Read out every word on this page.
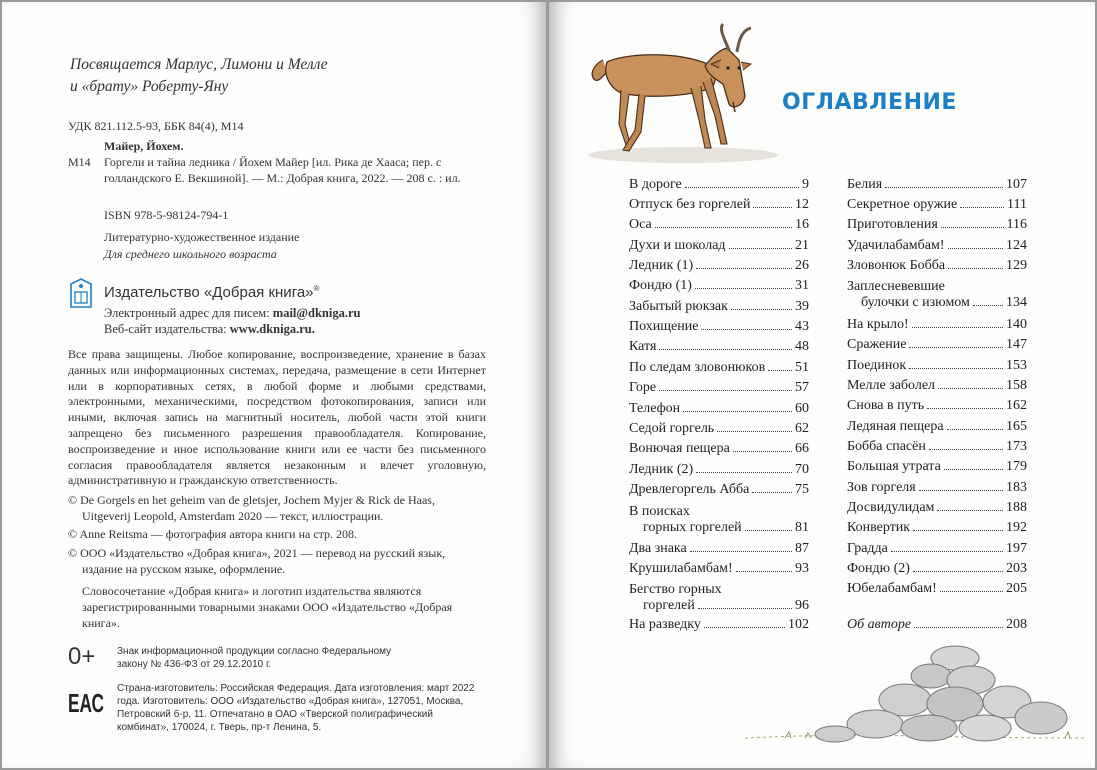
Посвящается Марлус, Лимони и Мелле
и «брату» Роберту-Яну
УДК 821.112.5-93, ББК 84(4), М14
Майер, Йохем.
М14 Горгели и тайна ледника / Йохем Майер [ил. Рика де Хааса; пер. с голландского Е. Векшиной]. — М.: Добрая книга, 2022. — 208 с. : ил.
ISBN 978-5-98124-794-1
Литературно-художественное издание
Для среднего школьного возраста
Издательство «Добрая книга»®
Электронный адрес для писем: mail@dkniga.ru
Веб-сайт издательства: www.dkniga.ru.
Все права защищены. Любое копирование, воспроизведение, хранение в базах данных или информационных системах, передача, размещение в сети Интернет или в корпоративных сетях, в любой форме и любыми средствами, электронными, механическими, посредством фотокопирования, записи или иными, включая запись на магнитный носитель, любой части этой книги запрещено без письменного разрешения правообладателя. Копирование, воспроизведение и иное использование книги или ее части без письменного согласия правообладателя является незаконным и влечет уголовную, административную и гражданскую ответственность.
© De Gorgels en het geheim van de gletsjer, Jochem Myjer & Rick de Haas,
Uitgeverij Leopold, Amsterdam 2020 — текст, иллюстрации.
© Anne Reitsma — фотография автора книги на стр. 208.
© ООО «Издательство «Добрая книга», 2021 — перевод на русский язык,
издание на русском языке, оформление.
Словосочетание «Добрая книга» и логотип издательства являются зарегистрированными товарными знаками ООО «Издательство «Добрая книга».
0+ Знак информационной продукции согласно Федеральному закону № 436-ФЗ от 29.12.2010 г.
ЕАС Страна-изготовитель: Российская Федерация. Дата изготовления: март 2022 года. Изготовитель: ООО «Издательство «Добрая книга», 127051, Москва, Петровский б-р, 11. Отпечатано в ОАО «Тверской полиграфический комбинат», 170024, г. Тверь, пр-т Ленина, 5.
ОГЛАВЛЕНИЕ
В дороге	9
Отпуск без горгелей	12
Оса	16
Духи и шоколад	21
Ледник (1)	26
Фондю (1)	31
Забытый рюкзак	39
Похищение	43
Катя	48
По следам зловонюков 51
Горе	57
Телефон	60
Седой горгель	62
Вонючая пещера	66
Ледник (2)	70
Древлегоргель Абба	75
В поисках
горных горгелей	81
Два знака	87
Крушилабамбам!	93
Бегство горных
горгелей	96
На разведку	102
Белия	107
Секретное оружие	111
Приготовления	116
Удачилабамбам!	124
Зловонюк Бобба	129
Заплесневевшие
булочки с изюмом	134
На крыло!	140
Сражение	147
Поединок	153
Мелле заболел	158
Снова в путь	162
Ледяная пещера	165
Бобба спасён	173
Большая утрата	179
Зов горгеля	183
Досвидулидам	188
Конвертик	192
Градда	197
Фондю (2)	203
Юбелабамбам!	205
Об авторе	208
